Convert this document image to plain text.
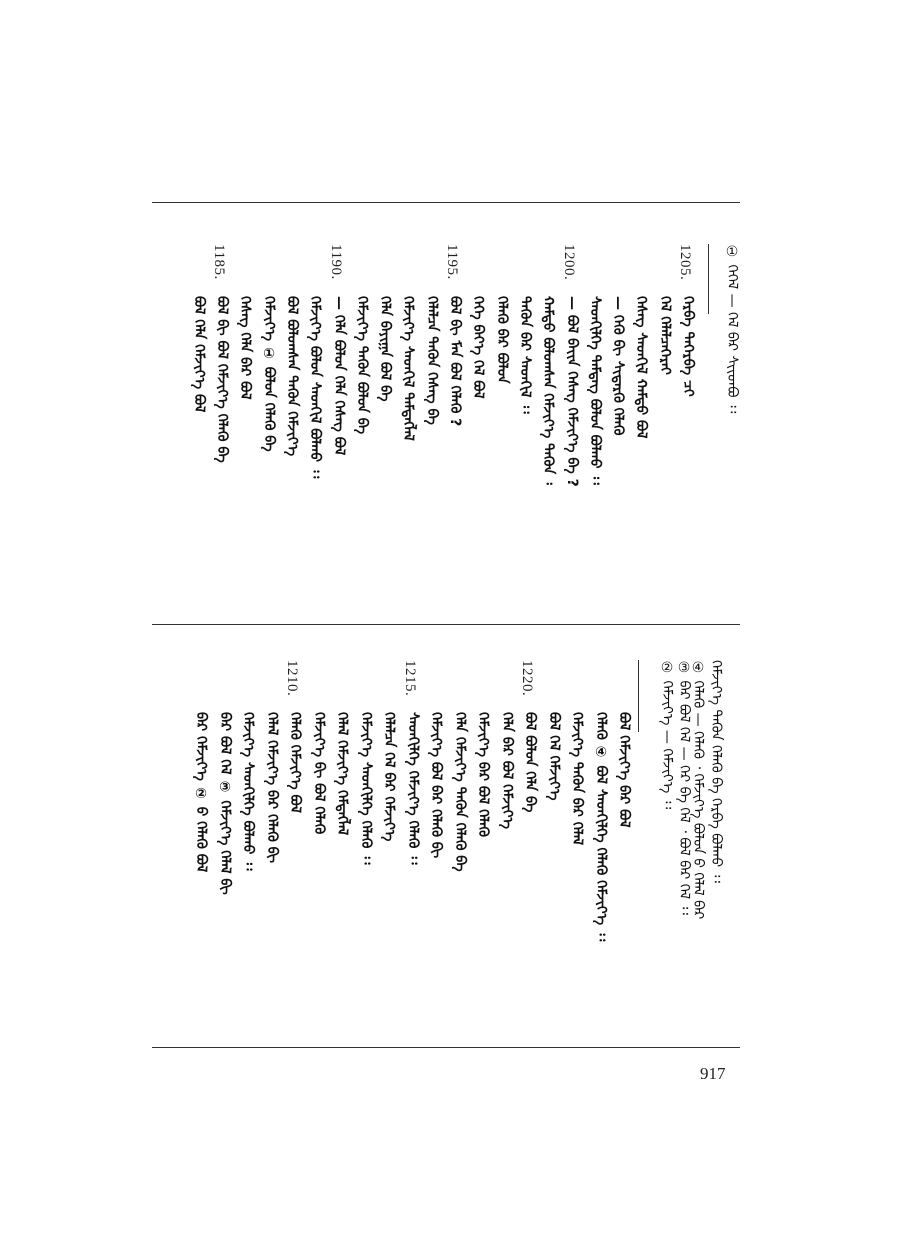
① ᠬᠡᠭᠡᠯ — ᠬᠡᠯ ᠪᠡᠷ ᠰᠢᠢᠳᠪᠦ ᠄᠄
1205.
ᠬᠡᠷᠪᠡ ᠲᠡᠭᠡᠷᠪᠡ ᠴᠢ
ᠬᠡᠯ ᠬᠡᠯᠡᠯᠴᠡᠭᠡᠷᠡᠢ
ᠬᠡᠰᠡᠭ ᠰᠡᠳᠬᠢᠯ ᠬᠠᠮᠲᠤ ᠪᠣᠯ
— ᠬᠡᠬᠦ ᠪᠢ ᠰᠢᠳᠡᠷᠭᠦ ᠬᠡᠯᠡᠬᠦ
ᠰᠡᠳᠬᠢᠯᠭᠡ ᠲᠡᠮᠳᠡᠭ ᠪᠣᠯᠤᠨ ᠪᠣᠯᠬᠤ ᠄᠄
1200.
— ᠪᠤᠯ ᠪᠠᠶ᠋ᠢᠨ ᠬᠡᠰᠡᠭ ᠬᠡᠮᠵᠢᠶ᠎ᠡ ᠪᠡ ?
ᠬᠠᠮᠲᠤ ᠪᠣᠯᠤᠭᠰᠠᠨ ᠬᠡᠮᠵᠢᠶ᠎ᠡ ᠲᠡᠭᠦᠨ ᠄
ᠲᠡᠭᠦᠨ ᠪᠡᠷ ᠰᠡᠳᠬᠢᠯ ᠄᠄
ᠬᠡᠯᠡᠬᠦ ᠪᠠᠷ ᠪᠣᠯᠤᠨ
ᠬᠡᠭᠡ ᠪᠡᠶ᠎ᠡ ᠬᠡᠯ ᠪᠣᠯ
1195.
ᠪᠣᠯ ᠪᠢ ᠮᠠᠨ ᠪᠣᠯ ᠬᠡᠯᠡᠬᠦ ?
ᠬᠡᠯᠡᠯᠴᠡ ᠲᠡᠭᠦᠨ ᠬᠡᠰᠡᠭ ᠪᠡ
ᠬᠡᠮᠵᠢᠶ᠎ᠡ ᠰᠡᠳᠬᠢᠯ ᠲᠡᠮᠳᠡᠭᠯᠡᠯ
ᠬᠡᠯᠡ ᠪᠠᠶᠢᠭᠠ ᠪᠣᠯ ᠪᠡ
ᠬᠡᠮᠵᠢᠶ᠎ᠡ ᠲᠡᠭᠦᠨ ᠪᠣᠯᠤᠨ ᠪᠡ
1190.
— ᠬᠡᠯᠡ ᠪᠣᠯᠤᠨ ᠬᠡᠯᠡ ᠬᠡᠰᠡᠭ ᠪᠣᠯ
ᠬᠡᠮᠵᠢᠶ᠎ᠡ ᠪᠣᠯᠤᠨ ᠰᠡᠳᠬᠢᠯ ᠪᠣᠯᠬᠤ ᠄᠄
ᠪᠣᠯ ᠪᠣᠯᠤᠭᠰᠠᠨ ᠲᠡᠭᠦᠨ ᠬᠡᠮᠵᠢᠶ᠎ᠡ
ᠬᠡᠮᠵᠢᠶ᠎ᠡ ① ᠪᠣᠯᠤᠨ ᠬᠡᠯᠡᠬᠦ ᠪᠡ
ᠬᠡᠰᠡᠭ ᠬᠡᠯᠡ ᠪᠡᠷ ᠪᠣᠯ
1185.
ᠪᠣᠯ ᠪᠢ ᠪᠣᠯ ᠬᠡᠮᠵᠢᠶ᠎ᠡ ᠬᠡᠯᠡᠬᠦ ᠪᠡ
ᠪᠣᠯ ᠬᠡᠯᠡ ᠬᠡᠮᠵᠢᠶ᠎ᠡ ᠪᠣᠯ
ᠬᠡᠮᠵᠢᠶ᠎ᠡ ᠲᠡᠭᠦᠨ ᠬᠡᠯᠡᠬᠦ ᠪᠡ ᠬᠡᠷᠪᠡ ᠪᠣᠯᠬᠤ ᠄᠄
④ ᠬᠡᠯᠡᠬᠦ — ᠬᠡᠯᠡᠬᠦ ᠂ ᠬᠡᠮᠵᠢᠶ᠎ᠡ ᠪᠣᠯᠤᠨ ᠪ ᠬᠡᠯᠡᠯ ᠪᠡᠷ
③ ᠪᠡᠷ ᠪᠣᠯ ᠬᠡᠯ — ᠬᠡᠷ ᠪᠡ ᠬᠡᠯ ᠂ ᠪᠣᠯ ᠪᠡᠷ ᠬᠡᠯ ᠄᠄
② ᠬᠡᠮᠵᠢᠶ᠎ᠡ — ᠬᠡᠮᠵᠢᠶ᠎ᠡ ᠄᠄
ᠪᠣᠯ ᠬᠡᠮᠵᠢᠶ᠎ᠡ ᠪᠡᠷ ᠪᠣᠯ
ᠬᠡᠯᠡᠬᠦ ④ ᠪᠣᠯ ᠰᠡᠳᠬᠢᠯᠭᠡ ᠬᠡᠯᠡᠬᠦ ᠬᠡᠮᠵᠢᠶ᠎ᠡ ᠄᠄
ᠬᠡᠮᠵᠢᠶ᠎ᠡ ᠲᠡᠭᠦᠨ ᠪᠡᠷ ᠬᠡᠯᠡᠯ
ᠪᠣᠯ ᠬᠡᠯ ᠬᠡᠮᠵᠢᠶ᠎ᠡ
1220.
ᠪᠣᠯ ᠪᠣᠯᠤᠨ ᠬᠡᠯᠡ ᠪᠡ
ᠬᠡᠯᠡ ᠪᠡᠷ ᠪᠣᠯ ᠬᠡᠮᠵᠢᠶ᠎ᠡ
ᠬᠡᠮᠵᠢᠶ᠎ᠡ ᠪᠡᠷ ᠪᠣᠯ ᠬᠡᠯᠡᠬᠦ
ᠬᠡᠯᠡ ᠬᠡᠮᠵᠢᠶ᠎ᠡ ᠲᠡᠭᠦᠨ ᠬᠡᠯᠡᠬᠦ ᠪᠡ
ᠬᠡᠮᠵᠢᠶ᠎ᠡ ᠪᠣᠯ ᠪᠡᠷ ᠬᠡᠯᠡᠬᠦ ᠪᠢ
1215.
ᠰᠡᠳᠬᠢᠯᠭᠡ ᠬᠡᠮᠵᠢᠶ᠎ᠡ ᠬᠡᠯᠡᠬᠦ ᠄᠄
ᠬᠡᠯᠡᠯᠴᠡ ᠬᠡᠯ ᠪᠡᠷ ᠬᠡᠮᠵᠢᠶ᠎ᠡ
ᠬᠡᠮᠵᠢᠶ᠎ᠡ ᠰᠡᠳᠬᠢᠯᠭᠡ ᠬᠡᠯᠡᠬᠦ ᠄᠄
ᠬᠡᠯᠡᠯ ᠬᠡᠮᠵᠢᠶ᠎ᠡ ᠬᠡᠮᠳᠡᠭᠯᠡᠯ
ᠬᠡᠮᠵᠢᠶ᠎ᠡ ᠪᠢ ᠪᠣᠯ ᠬᠡᠯᠡᠬᠦ
1210.
ᠬᠡᠯᠡᠬᠦ ᠬᠡᠮᠵᠢᠶ᠎ᠡ ᠪᠣᠯ
ᠬᠡᠯᠡᠯ ᠬᠡᠮᠵᠢᠶ᠎ᠡ ᠪᠡᠷ ᠬᠡᠯᠡᠬᠦ ᠪᠢ
ᠬᠡᠮᠵᠢᠶ᠎ᠡ ᠰᠡᠳᠬᠢᠯᠭᠡ ᠪᠣᠯᠬᠤ ᠄᠄
ᠪᠡᠷ ᠪᠣᠯ ᠬᠡᠯ ③ ᠬᠡᠮᠵᠢᠶ᠎ᠡ ᠬᠡᠯᠡᠯ ᠪᠢ
ᠪᠡᠷ ᠬᠡᠮᠵᠢᠶ᠎ᠡ ② ᠪ ᠬᠡᠯᠡᠬᠦ ᠪᠣᠯ
917
